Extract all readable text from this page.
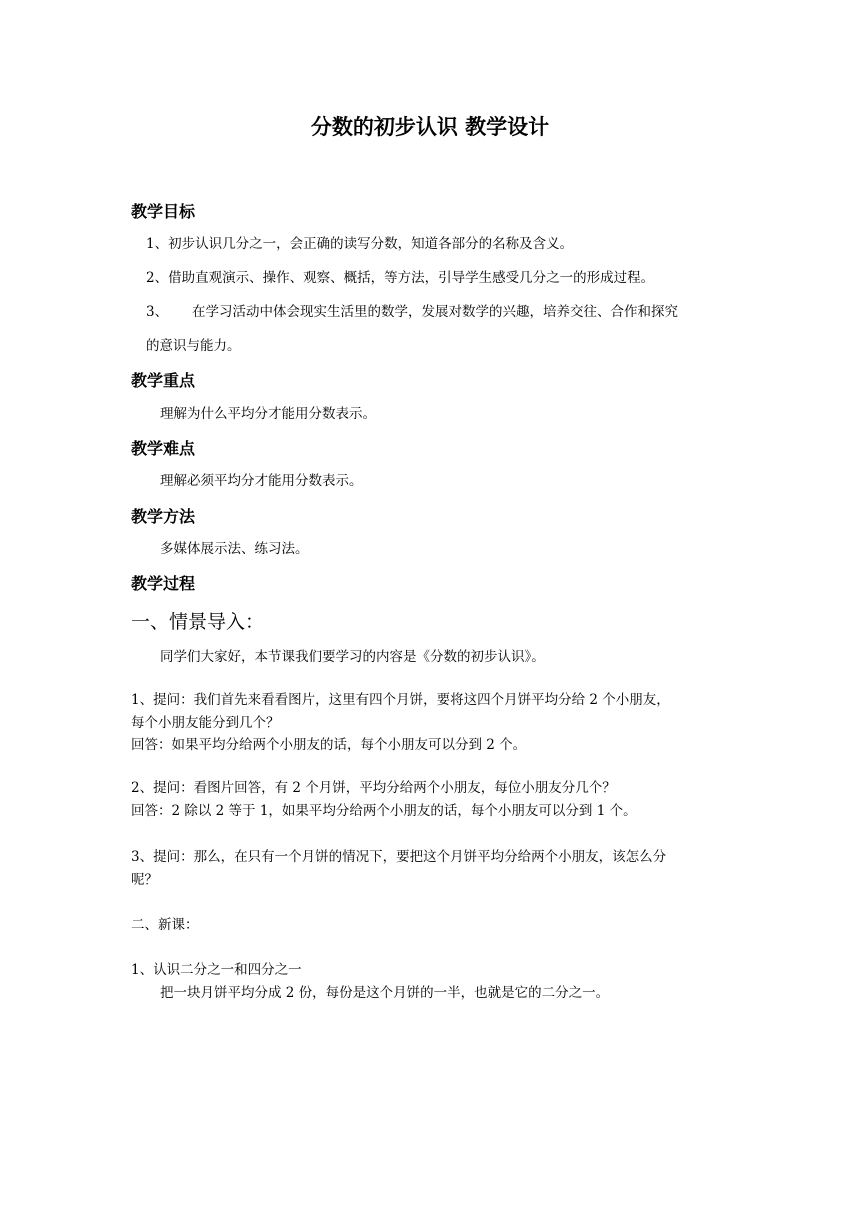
分数的初步认识 教学设计
教学目标
1、初步认识几分之一，会正确的读写分数，知道各部分的名称及含义。
2、借助直观演示、操作、观察、概括，等方法，引导学生感受几分之一的形成过程。
3、 在学习活动中体会现实生活里的数学，发展对数学的兴趣，培养交往、合作和探究
的意识与能力。
教学重点
理解为什么平均分才能用分数表示。
教学难点
理解必须平均分才能用分数表示。
教学方法
多媒体展示法、练习法。
教学过程
一、情景导入：
同学们大家好，本节课我们要学习的内容是《分数的初步认识》。
1、提问：我们首先来看看图片，这里有四个月饼，要将这四个月饼平均分给 2 个小朋友，
每个小朋友能分到几个？
回答：如果平均分给两个小朋友的话，每个小朋友可以分到 2 个。
2、提问：看图片回答，有 2 个月饼，平均分给两个小朋友，每位小朋友分几个？
回答：2 除以 2 等于 1，如果平均分给两个小朋友的话，每个小朋友可以分到 1 个。
3、提问：那么，在只有一个月饼的情况下，要把这个月饼平均分给两个小朋友，该怎么分
呢？
二、新课：
1、认识二分之一和四分之一
把一块月饼平均分成 2 份，每份是这个月饼的一半，也就是它的二分之一。
